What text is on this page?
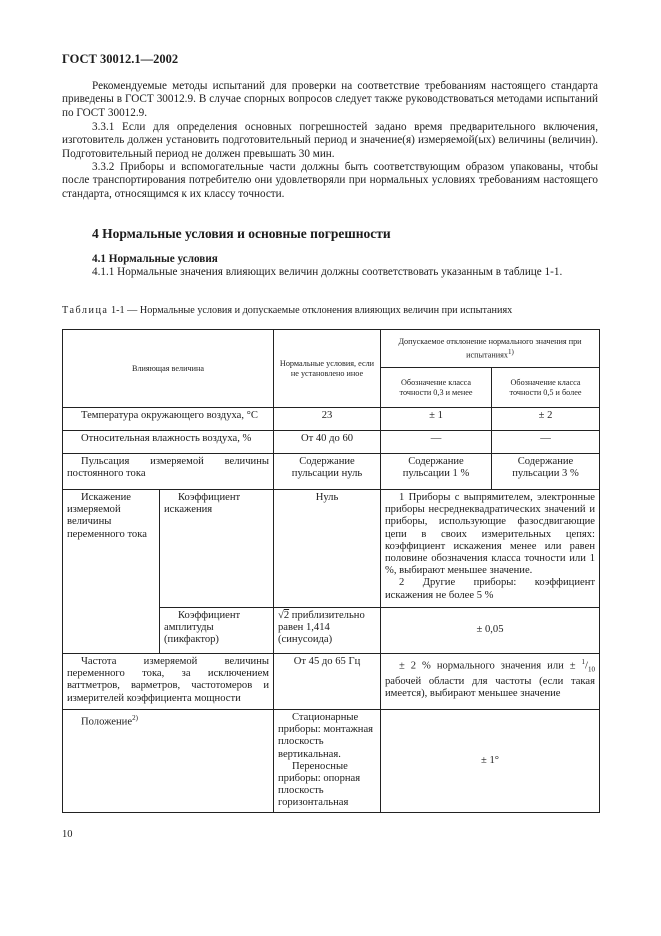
ГОСТ 30012.1—2002

Рекомендуемые методы испытаний для проверки на соответствие требованиям настоящего стандарта приведены в ГОСТ 30012.9. В случае спорных вопросов следует также руководствоваться методами испытаний по ГОСТ 30012.9.

3.3.1 Если для определения основных погрешностей задано время предварительного включения, изготовитель должен установить подготовительный период и значение(я) измеряемой(ых) величины (величин). Подготовительный период не должен превышать 30 мин.

3.3.2 Приборы и вспомогательные части должны быть соответствующим образом упакованы, чтобы после транспортирования потребителю они удовлетворяли при нормальных условиях требованиям настоящего стандарта, относящимся к их классу точности.

4 Нормальные условия и основные погрешности
4.1 Нормальные условия

4.1.1 Нормальные значения влияющих величин должны соответствовать указанным в таблице 1-1.

Таблица 1-1 — Нормальные условия и допускаемые отклонения влияющих величин при испытаниях
Влияющая величина		Нормальные условия, если не установлено иное	Допускаемое отклонение нормального значения при испытаниях$^{1)}$
			Обозначение класса точности 0,3 и менее	Обозначение класса точности 0,5 и более
Температура окружающего воздуха, °С		23	± 1	± 2
Относительная влажность воздуха, %		От 40 до 60	—	—
Пульсация измеряемой величины постоянного тока		Содержание пульсации нуль	Содержание пульсации 1 %	Содержание пульсации 3 %
Искажение измеряемой величины переменного тока	Коэффициент искажения	Нуль	1 Приборы с выпрямителем, электронные приборы несреднеквадратических значений и приборы, использующие фазосдвигающие цепи в своих измерительных цепях: коэффициент искажения менее или равен половине обозначения класса точности или 1 %, выбирают меньшее значение.
2 Другие приборы: коэффициент искажения не более 5 %	

	Коэффициент амплитуды (пикфактор)	√2 приблизительно равен 1,414 (синусоида)	± 0,05	
Частота измеряемой величины переменного тока, за исключением ваттметров, варметров, частотомеров и измерителей коэффициента мощности		От 45 до 65 Гц	± 2 % нормального значения или ± $^1/_{10}$ рабочей области для частоты (если такая имеется), выбирают меньшее значение	
Положение$^{2)}$		Стационарные приборы: монтажная плоскость вертикальная.
Переносные приборы: опорная плоскость горизонтальная	± 1°	
10
